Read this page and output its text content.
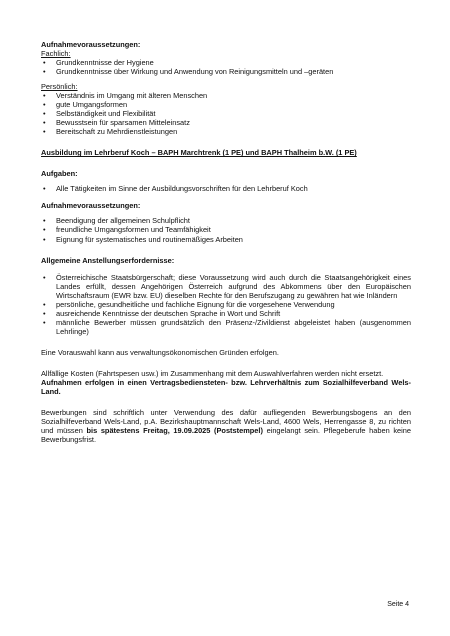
Aufnahmevoraussetzungen:
Fachlich:
• Grundkenntnisse der Hygiene
• Grundkenntnisse über Wirkung und Anwendung von Reinigungsmitteln und –geräten
Persönlich:
• Verständnis im Umgang mit älteren Menschen
• gute Umgangsformen
• Selbständigkeit und Flexibilität
• Bewusstsein für sparsamen Mitteleinsatz
• Bereitschaft zu Mehrdienstleistungen
Ausbildung im Lehrberuf Koch – BAPH Marchtrenk (1 PE) und BAPH Thalheim b.W. (1 PE)
Aufgaben:
• Alle Tätigkeiten im Sinne der Ausbildungsvorschriften für den Lehrberuf Koch
Aufnahmevoraussetzungen:
• Beendigung der allgemeinen Schulpflicht
• freundliche Umgangsformen und Teamfähigkeit
• Eignung für systematisches und routinemäßiges Arbeiten
Allgemeine Anstellungserfordernisse:
• Österreichische Staatsbürgerschaft; diese Voraussetzung wird auch durch die Staatsangehörigkeit eines Landes erfüllt, dessen Angehörigen Österreich aufgrund des Abkommens über den Europäischen Wirtschaftsraum (EWR bzw. EU) dieselben Rechte für den Berufszugang zu gewähren hat wie Inländern
• persönliche, gesundheitliche und fachliche Eignung für die vorgesehene Verwendung
• ausreichende Kenntnisse der deutschen Sprache in Wort und Schrift
• männliche Bewerber müssen grundsätzlich den Präsenz-/Zivildienst abgeleistet haben (ausgenommen Lehrlinge)
Eine Vorauswahl kann aus verwaltungsökonomischen Gründen erfolgen.
Allfällige Kosten (Fahrtspesen usw.) im Zusammenhang mit dem Auswahlverfahren werden nicht ersetzt.
Aufnahmen erfolgen in einen Vertragsbediensteten- bzw. Lehrverhältnis zum Sozialhilfeverband Wels-Land.
Bewerbungen sind schriftlich unter Verwendung des dafür aufliegenden Bewerbungsbogens an den Sozialhilfeverband Wels-Land, p.A. Bezirkshauptmannschaft Wels-Land, 4600 Wels, Herrengasse 8, zu richten und müssen bis spätestens Freitag, 19.09.2025 (Poststempel) eingelangt sein. Pflegeberufe haben keine Bewerbungsfrist.
Seite 4
